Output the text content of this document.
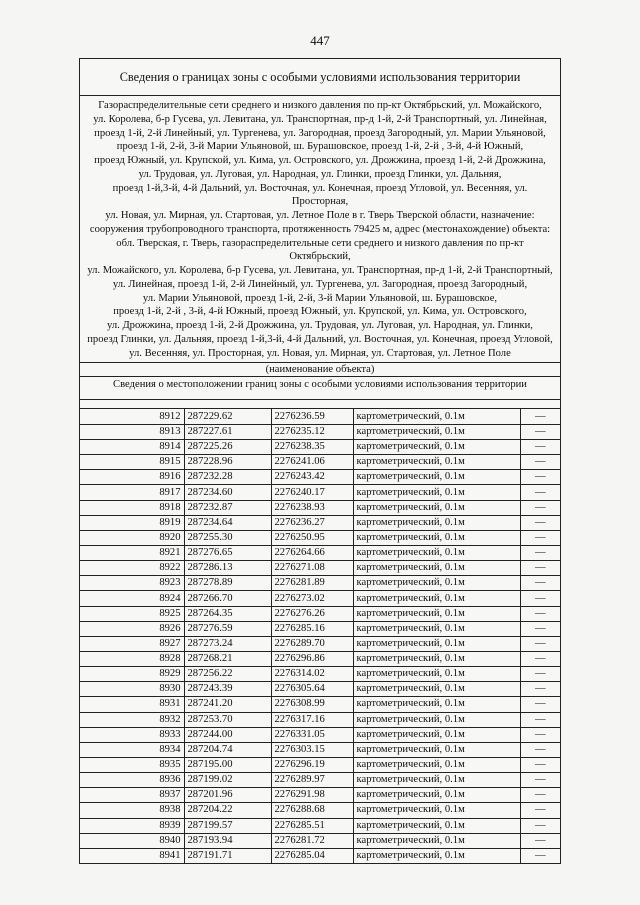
447
Сведения о границах зоны с особыми условиями использования территории
Газораспределительные сети среднего и низкого давления по пр-кт Октябрьский, ул. Можайского,
ул. Королева, б-р Гусева, ул. Левитана, ул. Транспортная, пр-д 1-й, 2-й Транспортный, ул. Линейная,
проезд 1-й, 2-й Линейный, ул. Тургенева, ул. Загородная, проезд Загородный, ул. Марии Ульяновой,
проезд 1-й, 2-й, 3-й Марии Ульяновой, ш. Бурашовское, проезд 1-й, 2-й , 3-й, 4-й Южный,
проезд Южный, ул. Крупской, ул. Кима, ул. Островского, ул. Дрожжина, проезд 1-й, 2-й Дрожжина,
ул. Трудовая, ул. Луговая, ул. Народная, ул. Глинки, проезд Глинки, ул. Дальняя,
проезд 1-й,3-й, 4-й Дальний, ул. Восточная, ул. Конечная, проезд Угловой, ул. Весенняя, ул. Просторная,
ул. Новая, ул. Мирная, ул. Стартовая, ул. Летное Поле в г. Тверь Тверской области, назначение:
сооружения трубопроводного транспорта, протяженность 79425 м, адрес (местонахождение) объекта:
обл. Тверская, г. Тверь, газораспределительные сети среднего и низкого давления по пр-кт Октябрьский,
ул. Можайского, ул. Королева, б-р Гусева, ул. Левитана, ул. Транспортная, пр-д 1-й, 2-й Транспортный,
ул. Линейная, проезд 1-й, 2-й Линейный, ул. Тургенева, ул. Загородная, проезд Загородный,
ул. Марии Ульяновой, проезд 1-й, 2-й, 3-й Марии Ульяновой, ш. Бурашовское,
проезд 1-й, 2-й , 3-й, 4-й Южный, проезд Южный, ул. Крупской, ул. Кима, ул. Островского,
ул. Дрожжина, проезд 1-й, 2-й Дрожжина, ул. Трудовая, ул. Луговая, ул. Народная, ул. Глинки,
проезд Глинки, ул. Дальняя, проезд 1-й,3-й, 4-й Дальний, ул. Восточная, ул. Конечная, проезд Угловой,
ул. Весенняя, ул. Просторная, ул. Новая, ул. Мирная, ул. Стартовая, ул. Летное Поле
(наименование объекта)
Сведения о местоположении границ зоны с особыми условиями использования территории
8912	287229.62	2276236.59	картометрический, 0.1м	—
8913	287227.61	2276235.12	картометрический, 0.1м	—
8914	287225.26	2276238.35	картометрический, 0.1м	—
8915	287228.96	2276241.06	картометрический, 0.1м	—
8916	287232.28	2276243.42	картометрический, 0.1м	—
8917	287234.60	2276240.17	картометрический, 0.1м	—
8918	287232.87	2276238.93	картометрический, 0.1м	—
8919	287234.64	2276236.27	картометрический, 0.1м	—
8920	287255.30	2276250.95	картометрический, 0.1м	—
8921	287276.65	2276264.66	картометрический, 0.1м	—
8922	287286.13	2276271.08	картометрический, 0.1м	—
8923	287278.89	2276281.89	картометрический, 0.1м	—
8924	287266.70	2276273.02	картометрический, 0.1м	—
8925	287264.35	2276276.26	картометрический, 0.1м	—
8926	287276.59	2276285.16	картометрический, 0.1м	—
8927	287273.24	2276289.70	картометрический, 0.1м	—
8928	287268.21	2276296.86	картометрический, 0.1м	—
8929	287256.22	2276314.02	картометрический, 0.1м	—
8930	287243.39	2276305.64	картометрический, 0.1м	—
8931	287241.20	2276308.99	картометрический, 0.1м	—
8932	287253.70	2276317.16	картометрический, 0.1м	—
8933	287244.00	2276331.05	картометрический, 0.1м	—
8934	287204.74	2276303.15	картометрический, 0.1м	—
8935	287195.00	2276296.19	картометрический, 0.1м	—
8936	287199.02	2276289.97	картометрический, 0.1м	—
8937	287201.96	2276291.98	картометрический, 0.1м	—
8938	287204.22	2276288.68	картометрический, 0.1м	—
8939	287199.57	2276285.51	картометрический, 0.1м	—
8940	287193.94	2276281.72	картометрический, 0.1м	—
8941	287191.71	2276285.04	картометрический, 0.1м	—
